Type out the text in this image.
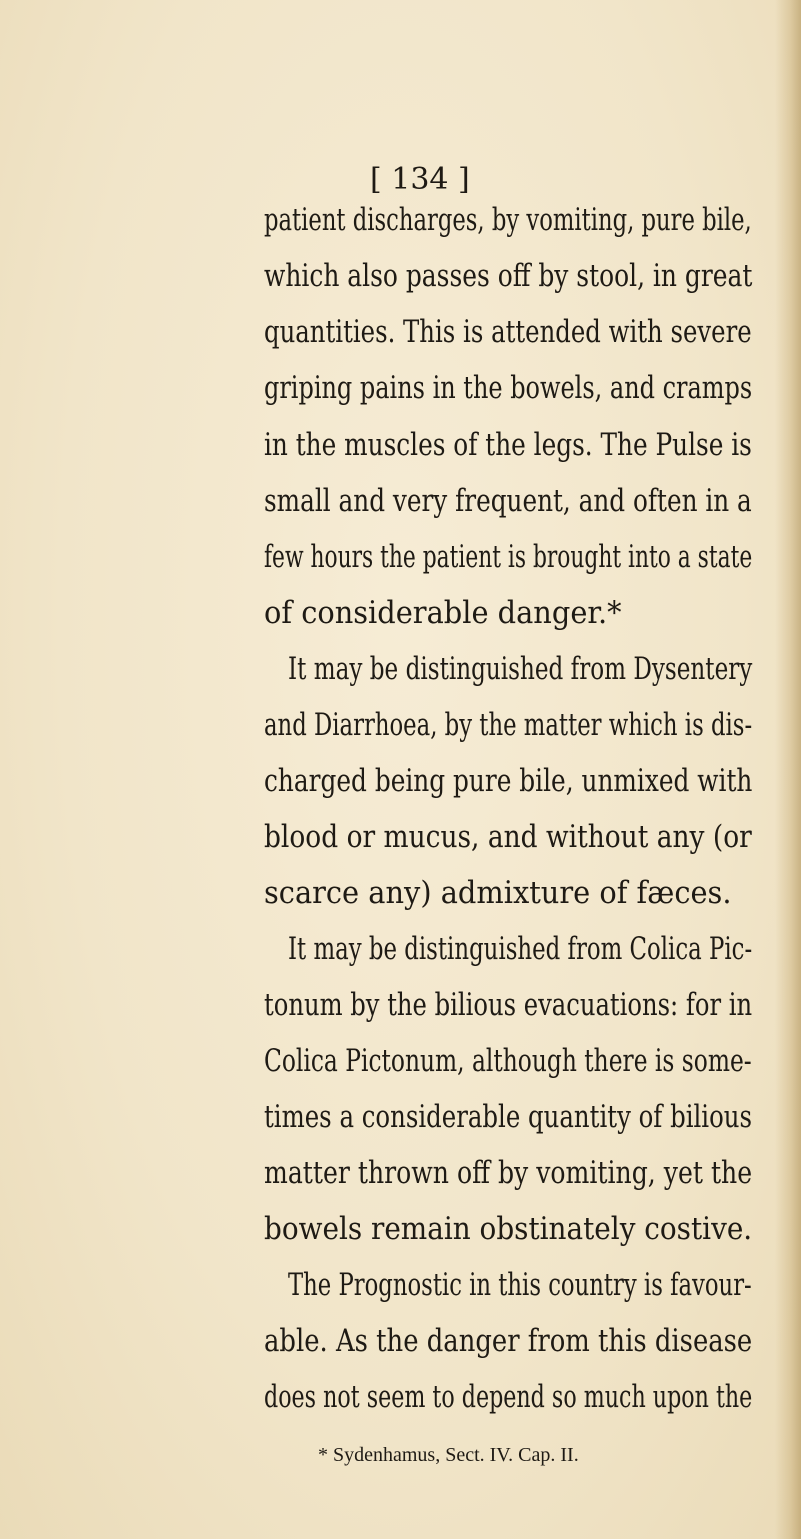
[ 134 ]
patient discharges, by vomiting, pure bile,
which also passes off by stool, in great
quantities. This is attended with severe
griping pains in the bowels, and cramps
in the muscles of the legs. The Pulse is
small and very frequent, and often in a
few hours the patient is brought into a state
of considerable danger.*
It may be distinguished from Dysentery
and Diarrhoea, by the matter which is dis-
charged being pure bile, unmixed with
blood or mucus, and without any (or
scarce any) admixture of fæces.
It may be distinguished from Colica Pic-
tonum by the bilious evacuations: for in
Colica Pictonum, although there is some-
times a considerable quantity of bilious
matter thrown off by vomiting, yet the
bowels remain obstinately costive.
The Prognostic in this country is favour-
able. As the danger from this disease
does not seem to depend so much upon the
* Sydenhamus, Sect. IV. Cap. II.
